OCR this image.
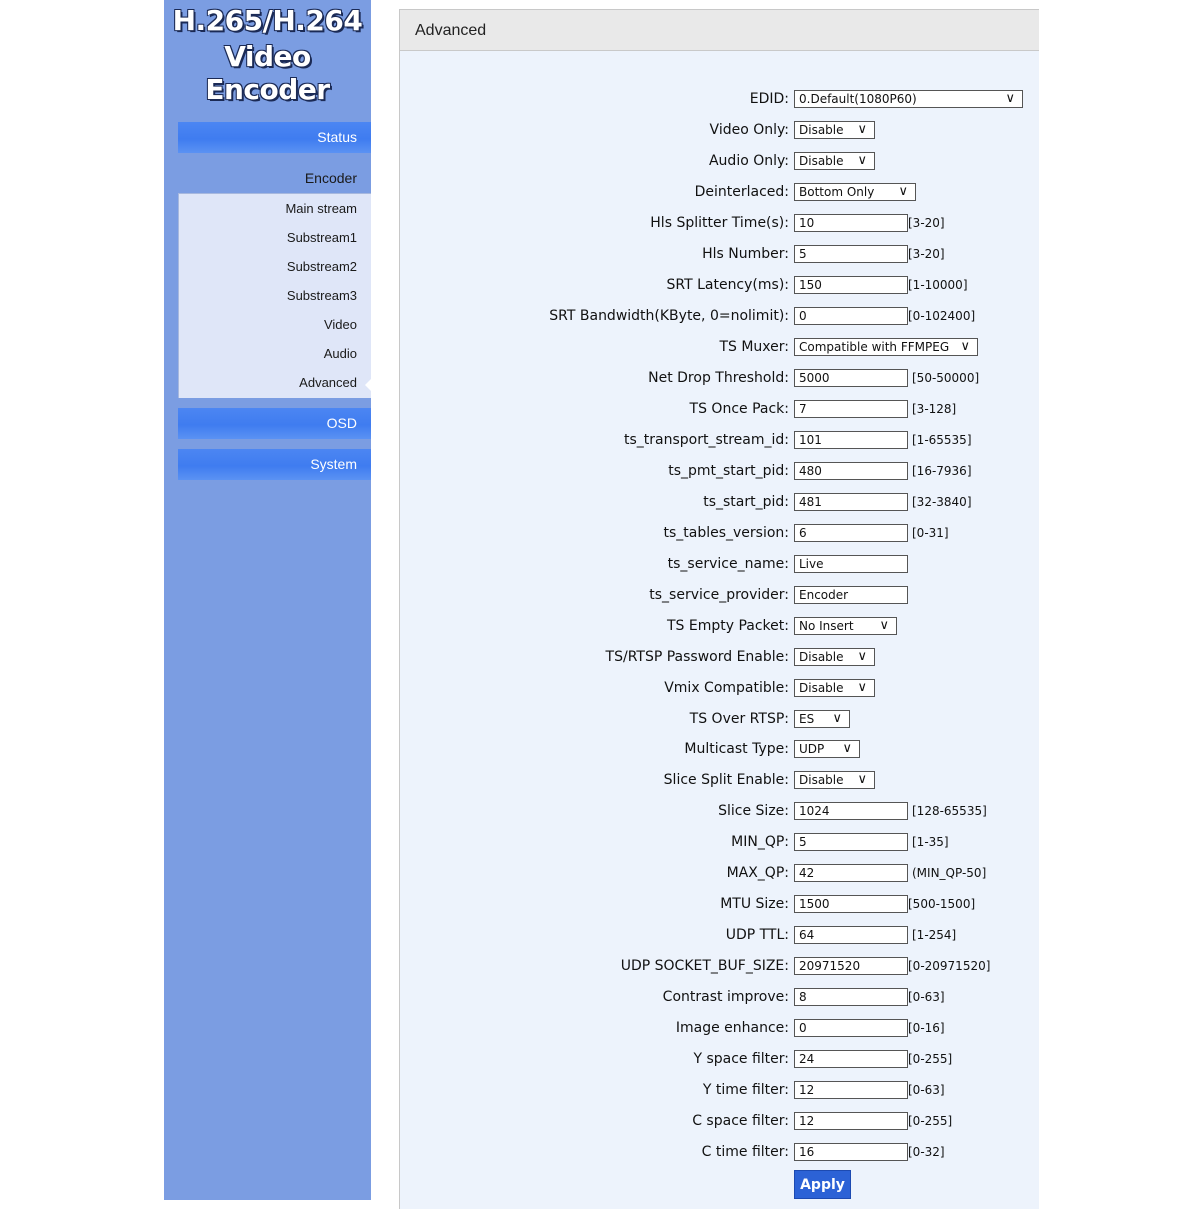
H.265/H.264
Video Encoder
Status
Encoder
Main stream
Substream1
Substream2
Substream3
Video
Audio
Advanced
OSD
System
Advanced
EDID: 0.Default(1080P60)	∨
Video Only: Disable ∨
Audio Only: Disable ∨
Deinterlaced: Bottom Only ∨
Hls Splitter Time(s): 10	[3-20]
Hls Number: 5	[3-20]
SRT Latency(ms): 150	[1-10000]
SRT Bandwidth(KByte, 0=nolimit): 0	[0-102400]
TS Muxer: Compatible with FFMPEG ∨
Net Drop Threshold: 5000	[50-50000]
TS Once Pack: 7	[3-128]
ts_transport_stream_id: 101	[1-65535]
ts_pmt_start_pid: 480	[16-7936]
ts_start_pid: 481	[32-3840]
ts_tables_version: 6	[0-31]
ts_service_name: Live
ts_service_provider: Encoder
TS Empty Packet: No Insert ∨
TS/RTSP Password Enable: Disable ∨
Vmix Compatible: Disable ∨
TS Over RTSP: ES ∨
Multicast Type: UDP ∨
Slice Split Enable: Disable ∨
Slice Size: 1024	[128-65535]
MIN_QP: 5	[1-35]
MAX_QP: 42	(MIN_QP-50]
MTU Size: 1500	[500-1500]
UDP TTL: 64	[1-254]
UDP SOCKET_BUF_SIZE: 20971520	[0-20971520]
Contrast improve: 8	[0-63]
Image enhance: 0	[0-16]
Y space filter: 24	[0-255]
Y time filter: 12	[0-63]
C space filter: 12	[0-255]
C time filter: 16	[0-32]
Apply
